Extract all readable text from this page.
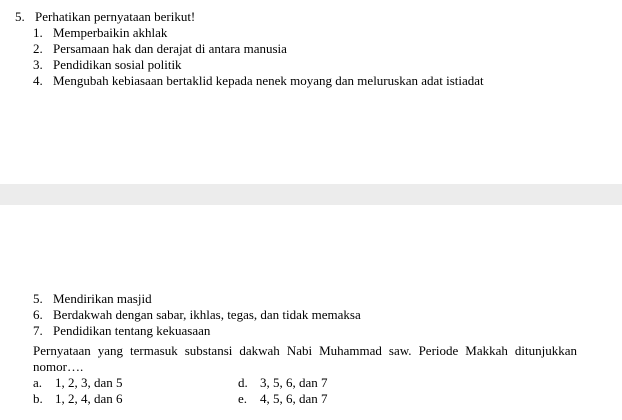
5. Perhatikan pernyataan berikut!
1. Memperbaikin akhlak
2. Persamaan hak dan derajat di antara manusia
3. Pendidikan sosial politik
4. Mengubah kebiasaan bertaklid kepada nenek moyang dan meluruskan adat istiadat
5. Mendirikan masjid
6. Berdakwah dengan sabar, ikhlas, tegas, dan tidak memaksa
7. Pendidikan tentang kekuasaan
Pernyataan yang termasuk substansi dakwah Nabi Muhammad saw. Periode Makkah ditunjukkan nomor….
a. 1, 2, 3, dan 5	d. 3, 5, 6, dan 7
b. 1, 2, 4, dan 6	e. 4, 5, 6, dan 7
